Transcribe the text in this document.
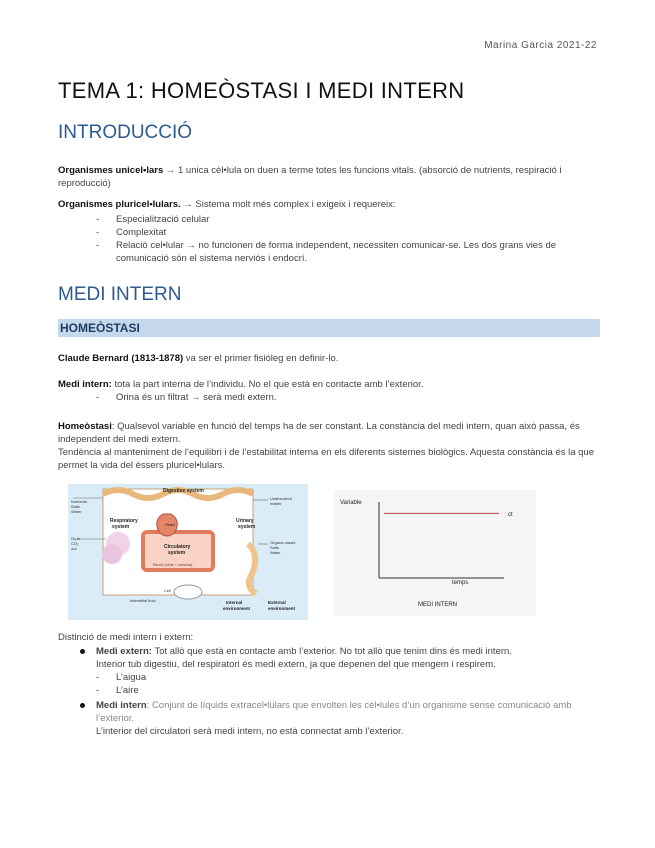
Marina Garcia 2021-22
TEMA 1: HOMEÒSTASI I MEDI INTERN
INTRODUCCIÓ

Organismes unicel•lars → 1 unica cèl•lula on duen a terme totes les funcions vitals. (absorció de nutrients, respiració i reproducció)

Organismes pluricel•lulars. → Sistema molt més complex i exigeix i requereix:

- Especialització celular
- Complexitat
- Relació cel•lular → no funcionen de forma independent, necessiten comunicar-se. Les dos grans vies de comunicació són el sistema nerviós i endocrí.
MEDI INTERN
HOMEÒSTASI

Claude Bernard (1813-1878) va ser el primer fisióleg en definir-lo.

Medi intern: tota la part interna de l’individu. No el que està en contacte amb l’exterior.

- Orina és un filtrat → serà medi extern.

Homeòstasi: Qualsevol variable en funció del temps ha de ser constant. La constància del medi intern, quan això passa, és independent del medi extern.
Tendència al manteniment de l’equilibri i de l’estabilitat interna en els diferents sistemes biològics. Aquesta constància és la que permet la vida del èssers pluricel•lulars.

Digestive system
Nutrients
Salts
Water
Respiratory
system	Heart
Circulatory
system
Blood (cells + plasma)
Urinary
system
O₂ in
CO₂
out
Unabsorbed
matter
Organic waste
Salts
Water
Cell
Interstitial fluid	Internal
environment
External
environment
Variable
ct
temps
MEDI INTERN

Distinció de medi intern i extern:

Medi extern: Tot allò que està en contacte amb l’exterior. No tot allò que tenim dins és medi intern.
Interior tub digestiu, del respiratori és medi extern, ja que depenen del que mengem i respirem.
- L’aigua
- L’aire
Medi intern: Conjunt de líquids extracel•lulars que envolten les cèl•lules d’un organisme sense comunicació amb l’exterior.
L’interior del circulatori serà medi intern, no està connectat amb l’exterior.
